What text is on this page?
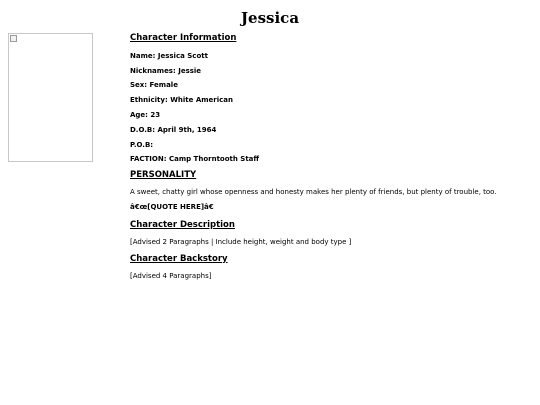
Jessica
Character Information
Name: Jessica Scott
Nicknames: Jessie
Sex: Female
Ethnicity: White American
Age: 23
D.O.B: April 9th, 1964
P.O.B:
FACTION: Camp Thorntooth Staff
PERSONALITY
A sweet, chatty girl whose openness and honesty makes her plenty of friends, but plenty of trouble, too.
â€œ[QUOTE HERE]â€
Character Description
[Advised 2 Paragraphs | Include height, weight and body type ]
Character Backstory
[Advised 4 Paragraphs]
